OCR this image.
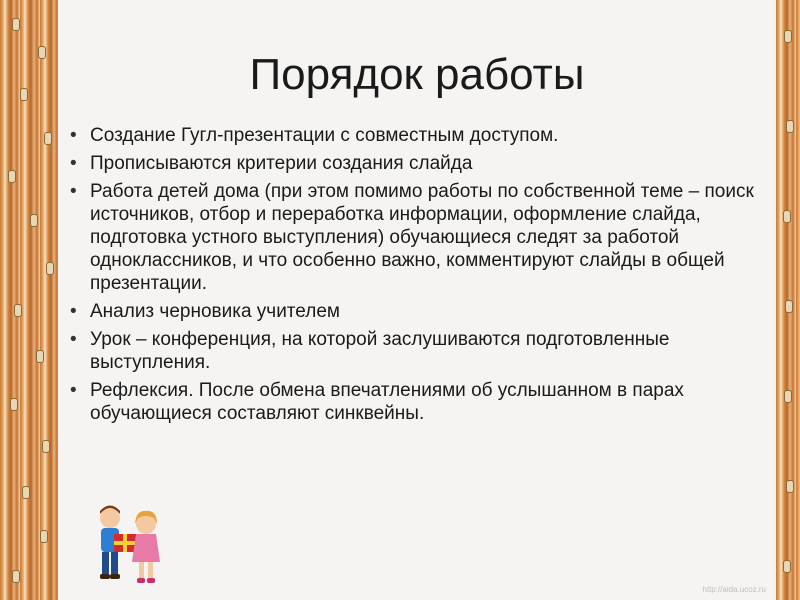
Порядок работы
• Создание Гугл-презентации с совместным доступом.
• Прописываются критерии создания слайда
• Работа детей дома (при этом помимо работы по собственной теме – поиск источников, отбор и переработка информации, оформление слайда, подготовка устного выступления) обучающиеся следят за работой одноклассников, и что особенно важно, комментируют слайды в общей презентации.
• Анализ черновика учителем
• Урок – конференция, на которой заслушиваются подготовленные выступления.
• Рефлексия. После обмена впечатлениями об услышанном в парах обучающиеся составляют синквейны.
http://aida.ucoz.ru
